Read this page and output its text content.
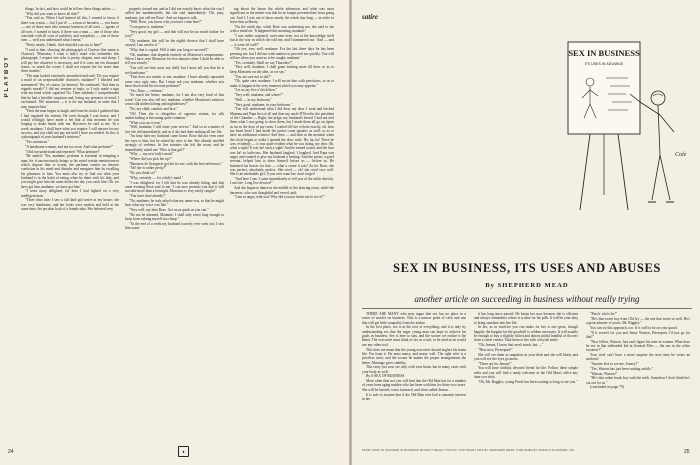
PLAYBOY

things. In fact, and how could he tell me these things unless —

"Why did you want to know all that?"

"You said so. When I had learned all this, I wanted to know if there was a man — but I put it! — a man of business — you know — one of those men who transact business of all sorts — agents of all sorts. I wanted to know if there was a man — one of those who conclude with all sorts of publicity and complicity — one of those men — well you understand what I mean."

"Pretty nearly, I think. And what did you say to him?"

"I said to him, showing the photograph of Clarisse (her name is Clarisse): 'Monsieur, I want a lady's maid who resembles this photograph. I require one who is pretty, elegant, neat and sharp. I will pay her whatever is necessary, and if it costs me ten thousand francs, so much the worse. I shall not require her for more than three months.'

"The man looked extremely astonished and said: 'Do you require a maid of an irreproachable character, madame?' I blushed and stammered: 'Yes, of course, for honesty.' He continued: 'And then as regards morals?' I did not venture to reply, so I only made a sign with my head which signified No. Then suddenly I comprehended that he had a horrible suspicion and, losing my presence of mind, I exclaimed: 'Oh! monsieur — it is for my husband, in order that I may surprise him.'

"Then the man began to laugh, and from his looks I gathered that I had regained his esteem. He even thought I was brave, and I would willingly have made a bet that at that moment he was longing to shake hands with me. However, he said to me: 'In a week, madame, I shall have what you require; I will answer for my success, and you shall not pay me until I have succeeded. So this is a photograph of your husband's mistress?'

"Yes, monsieur."

"A handsome woman, and not too stout. And what perfume?"

"I did not understand and repeated: 'What perfume?'

"He smiled: 'Yes, madame, perfume is essential in tempting a man; for it unconsciously brings to his mind certain reminiscences which dispose him to action; the perfume creates an obscure confusion in his mind and disturbs and energizes him by recalling his pleasures to him. You must also try to find out what your husband is in the habit of eating when he dines with his lady, and you might give him the same dishes the day you catch him. Oh, we have got him, madame, we have got him.'

"I went away delighted, for here I had lighted on a very intelligent man.

"Three days later I saw a tall dark girl arrive at my house; she was very handsome, and her looks were modest and bold at the same time, the peculiar look of a female rake. She behaved very

properly toward me, and as I did not exactly know what she was I called her mademoiselle, but she said immediately: 'Oh, pray, madame, just call me Rose.' And we began to talk.

"Well, Rose, you know why you have come here?"

"I can guess it, madame."

"Very good, my girl — and that will not be too much bother for you?"

"Oh, madame, this will be the eighth divorce that I shall have caused; I am used to it."

"Why, that is capital. Will it take you long to succeed?"

"Oh, madame, that depends entirely on Monsieur's temperament. When I have seen Monsieur for five minutes alone I shall be able to tell you exactly."

"You will see him soon, my child, but I must tell you that he is not handsome."

"That does not matter to me, madame. I have already separated some very ugly ones. But I must ask you, madame, whether you have discovered his favorite perfume?"

"Yes, Rose — verbena."

"So much the better, madame, for I am also very fond of that scent! Can you also tell me, madame, whether Monsieur's mistress wears silk underclothing and nightdresses?"

"No, my child, cambric and lace."

"Oh! Then she is altogether of superior station, for silk underclothing is becoming quite common."

"What you say is true."

"Well, madame, I will enter your service." And so as a matter of fact she did immediately, and as if she had done nothing all her life.

"An hour later my husband came home. Rose did not even raise her eyes to him, but he raised his eyes to her. She already smelled strongly of verbena. In five minutes she left the room, and he immediately asked me: 'Who is that girl?'

"Why — my new lady's maid."

"Where did you pick her up?"

"Baroness de Grangerie got her for me, with the best references."

"Ah! she is rather pretty!"

"Do you think so?"

"Why, certainly — for a lady's maid."

"I was delighted, for I felt that he was already biting, and that same evening Rose said to me: 'I can now promise you that it will not take more than a fortnight. Monsieur is very easily caught!'

"You have tried already?"

"No, madame; he only asked what my name was, so that he might hear what my voice was like."

"Very well, my dear Rose. Get on as quick as you can."

"Do not be alarmed, Madame; I shall only resist long enough to keep from valuing myself too cheap."

"At the end of a week my husband scarcely ever went out; I saw him roam-

ing about the house the whole afternoon, and what was most significant in the matter was that he no longer prevented me from going out. And I, I was out of doors nearly the whole day long — in order to leave him at liberty.

"On the ninth day, while Rose was undressing me, she said to me with a timid air: 'It happened this morning, madame.'

"I was rather surprised, overcome even, not at the knowledge itself but at the way in which she told me, and I stammered out: 'And — and — it went off well?'

"Oh yes, very well, madame. For the last three days he has been pressing me, but I did not wish matters to proceed too quickly. You will tell me when you want us to be caught, madame.'

"Yes, certainly. Shall we say Thursday?"

"Very well, madame, I shall grant nothing more till then, so as to keep Monsieur on the alert, as we say."

"You are sure not to fail?"

"Oh, quite sure, madame. I will excite him with precisions, so as to make it happen at the very moment which you may appoint."

"Let us say five o'clock then."

"Very well, madame, and where?"

"Well — in my bedroom."

"Very good, madame, in your bedroom."

"You will understand what I did then, my dear. I went and fetched Mamma and Papa first of all and then my uncle D'Orvelin, the president of the Chamber — Right, the judge, my husband's friend. I had not told them what I was going to show them, but I made them all go on tiptoe as far as the door of my room. I waited till five o'clock exactly, oh, how my heart beat! I had made the porter come upstairs as well, so as to have an additional witness! And then — and then at the moment when the clock began to strike I opened the door wide. Ha, ha, ha! There he was, evidently — it was quite evident what he was doing, my dear. Oh, what a sight! It was ha! such a sight! And he turned round, and the face was ha! so ludicrous. Her husband laughed. I laughed. And Papa was angry and wanted to give my husband a beating. And the porter, a good servant, helped him to dress himself before us — before us. He buttoned his braces for him — what a scene it was! As for Rose, she was perfect, absolutely perfect. She cried — oh! she cried very well. She is an invaluable girl. If you ever want her, don't forget!

"And here I am. I came immediately to tell you of the affair directly. I am free. Long live divorce!"

And she began to dance in the middle of the drawing room, while the baroness, who was thoughtful and vexed, said:

"I am so angry with you! Why did you not invite me to see it?"

24	♦
satire
SEX IN BUSINESS
ITS USES IN ADVANCE
Cole
SEX IN BUSINESS, ITS USES AND ABUSES
By SHEPHERD MEAD
another article on succeeding in business without really trying

THERE ARE MANY who may argue that sex has no place in a series of articles on business. This is a narrow point of view and one that will get little sympathy from the author.

In the first place, sex is at the root of everything, and it is only by understanding sex that the eager young man can hope to achieve his goals in business. Sex is here to stay, and the sooner we realize it the better. The executive must think of sex as a tool, to be used as he would use any other tool.

This does not mean that the young executive should neglect his home life. Far from it. He must marry, and marry well. The right wife is a priceless asset, and the sooner he makes the proper arrangements the better. Marriage gives stability.

This story you now see only with your brain, but in many cases with your body as well.

By A SEX OF BUSINESS

More often than not you will find that the Old Man has for a number of years been aging maiden who has been with him for thirty-two years. She will be harried, worn, harassed, and often called Jenson.

It is safe to assume that if the Old Man ever had a romantic interest in her

it has long since passed. He keeps her now because she is efficient and always remembers where it is time for his pills. It will be your duty to bring sunshine into her life.

In her, as in sacrifice you can make for her is one great, though happily the bargain for the goodwill is seldom necessary. It will usually be enough to buy a slightly wilted and almost pitiful handful of flowers from a street vendor. Take them to her with a boyish smile.

"Oh, Jensen, I know that aren't much, but —"

"How nice, Pierrepont!"

She will see them as snapshots at your desk and she will blush, and you will see her eyes go moist.

"These are for Jenson!"

You will have faithful, devoted friend for life. Follow these simple rules and you will find a ready welcome in the Old Man's office any time you wish.

"Oh, Mr. Ruggles, young Finch has been waiting so long to see you."

"Finch, who's he?"

"He's that sweet boy from Old Ivy — the one that wrote so well. He's a great admirer of yours, Mr. Biggley."

You can try this approach, too. It is well to be on your guard.

"If it weren't for you and Jenny Watson, Pierrepont, I'd just go for that!"

"Nice fellow, Watson. Just can't figure his taste in women. What does he see in that redheaded kid in General Files — the one in the white sweaters?"

Your rival can't have a more surprise the next time he wears an uniform!

"Anyone else to see me, Jonesy?"

"Yes, Watson has just been waiting awhile."

"Watson, Watson!"

"He's that rather brash boy with the teeth. Somehow I don't think he's cut out for us."

(concluded on page 79)

FROM "HOW TO SUCCEED IN BUSINESS WITHOUT REALLY TRYING" COPYRIGHT 1952 BY SHEPHERD MEAD. PUBLISHED BY SIMON & SCHUSTER, INC.	25
